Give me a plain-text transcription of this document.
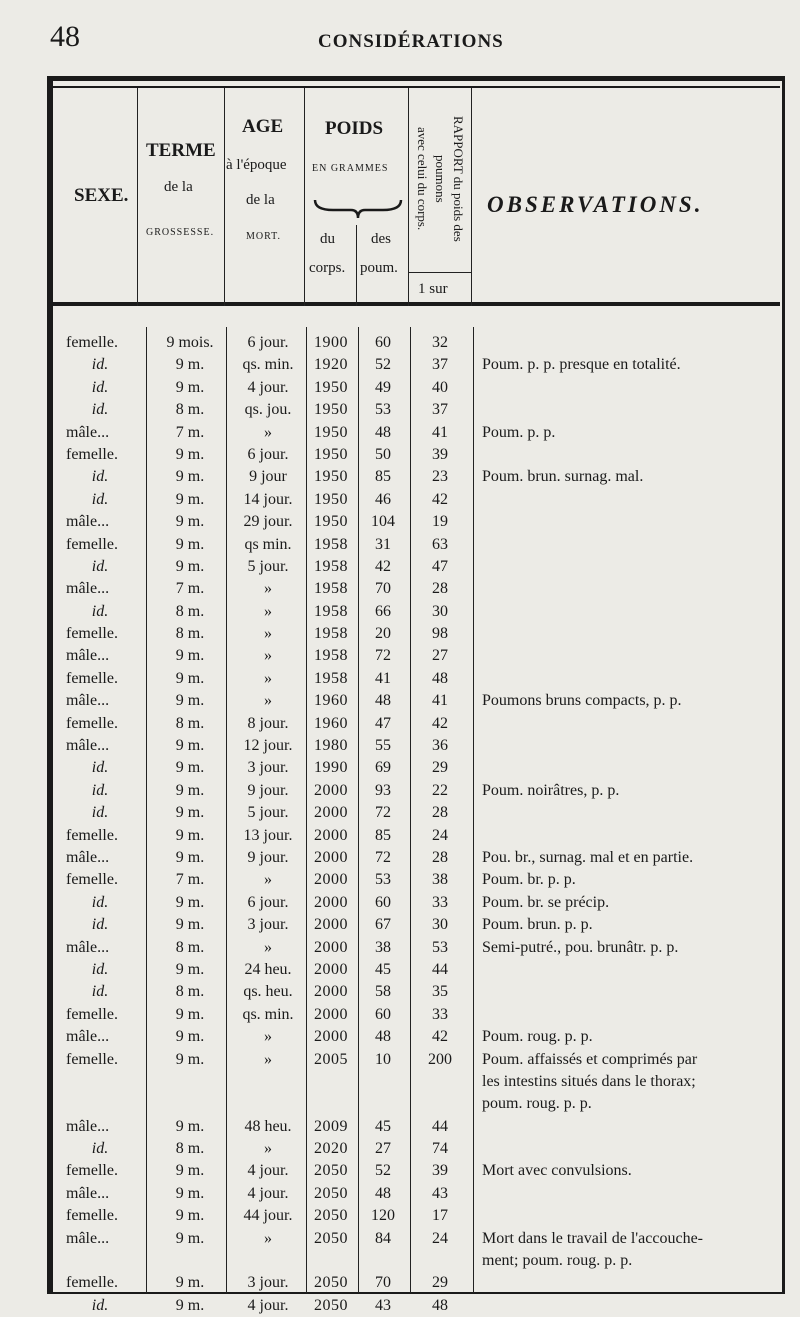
48	CONSIDÉRATIONS
SEXE.
TERME
de la
GROSSESSE.
AGE
à l'époque
de la
MORT.
POIDS
EN GRAMMES
du
corps.
des
poum.
RAPPORT du poids des
poumons
avec celui du corps.
1 sur
OBSERVATIONS.
femelle.	9 mois.	6 jour.	1900	60	32
id.	9 m.	qs. min.	1920	52	37	Poum. p. p. presque en totalité.
id.	9 m.	4 jour.	1950	49	40
id.	8 m.	qs. jou.	1950	53	37
mâle...	7 m.	»	1950	48	41	Poum. p. p.
femelle.	9 m.	6 jour.	1950	50	39
id.	9 m.	9 jour	1950	85	23	Poum. brun. surnag. mal.
id.	9 m.	14 jour.	1950	46	42
mâle...	9 m.	29 jour.	1950	104	19
femelle.	9 m.	qs min.	1958	31	63
id.	9 m.	5 jour.	1958	42	47
mâle...	7 m.	»	1958	70	28
id.	8 m.	»	1958	66	30
femelle.	8 m.	»	1958	20	98
mâle...	9 m.	»	1958	72	27
femelle.	9 m.	»	1958	41	48
mâle...	9 m.	»	1960	48	41	Poumons bruns compacts, p. p.
femelle.	8 m.	8 jour.	1960	47	42
mâle...	9 m.	12 jour.	1980	55	36
id.	9 m.	3 jour.	1990	69	29
id.	9 m.	9 jour.	2000	93	22	Poum. noirâtres, p. p.
id.	9 m.	5 jour.	2000	72	28
femelle.	9 m.	13 jour.	2000	85	24
mâle...	9 m.	9 jour.	2000	72	28	Pou. br., surnag. mal et en partie.
femelle.	7 m.	»	2000	53	38	Poum. br. p. p.
id.	9 m.	6 jour.	2000	60	33	Poum. br. se précip.
id.	9 m.	3 jour.	2000	67	30	Poum. brun. p. p.
mâle...	8 m.	»	2000	38	53	Semi-putré., pou. brunâtr. p. p.
id.	9 m.	24 heu.	2000	45	44
id.	8 m.	qs. heu.	2000	58	35
femelle.	9 m.	qs. min.	2000	60	33
mâle...	9 m.	»	2000	48	42	Poum. roug. p. p.
femelle.	9 m.	»	2005	10	200	Poum. affaissés et comprimés par
les intestins situés dans le thorax;
poum. roug. p. p.
mâle...	9 m.	48 heu.	2009	45	44
id.	8 m.	»	2020	27	74
femelle.	9 m.	4 jour.	2050	52	39	Mort avec convulsions.
mâle...	9 m.	4 jour.	2050	48	43
femelle.	9 m.	44 jour.	2050	120	17
mâle...	9 m.	»	2050	84	24	Mort dans le travail de l'accouche-
ment; poum. roug. p. p.
femelle.	9 m.	3 jour.	2050	70	29
id.	9 m.	4 jour.	2050	43	48
